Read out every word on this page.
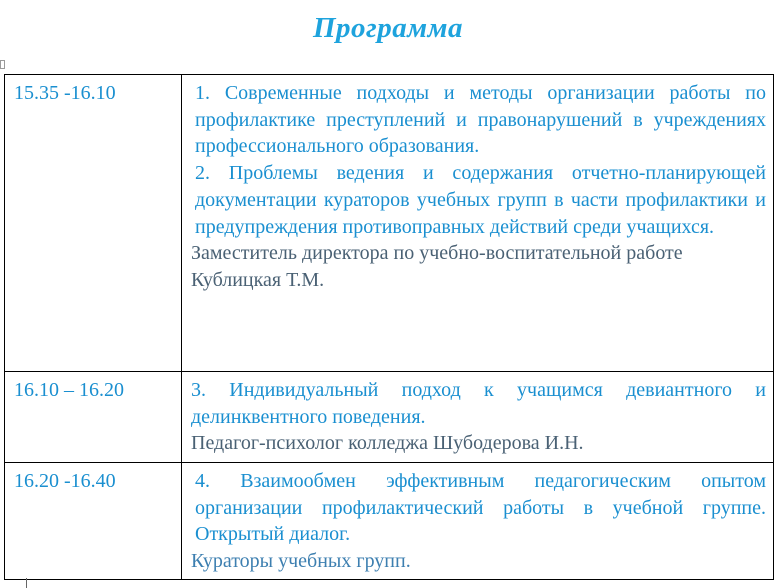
Программа
15.35 -16.10	1. Современные подходы и методы организации работы по профилактике преступлений и правонарушений в учреждениях профессионального образования.

2. Проблемы ведения и содержания отчетно-планирующей документации кураторов учебных групп в части профилактики и предупреждения противоправных действий среди учащихся.

Заместитель директора по учебно-воспитательной работе

Кублицкая Т.М.

16.10 – 16.20	3. Индивидуальный подход к учащимся девиантного и делинквентного поведения.

Педагог-психолог колледжа Шубодерова И.Н.

16.20 -16.40	4. Взаимообмен эффективным педагогическим опытом организации профилактический работы в учебной группе. Открытый диалог.

Кураторы учебных групп.
